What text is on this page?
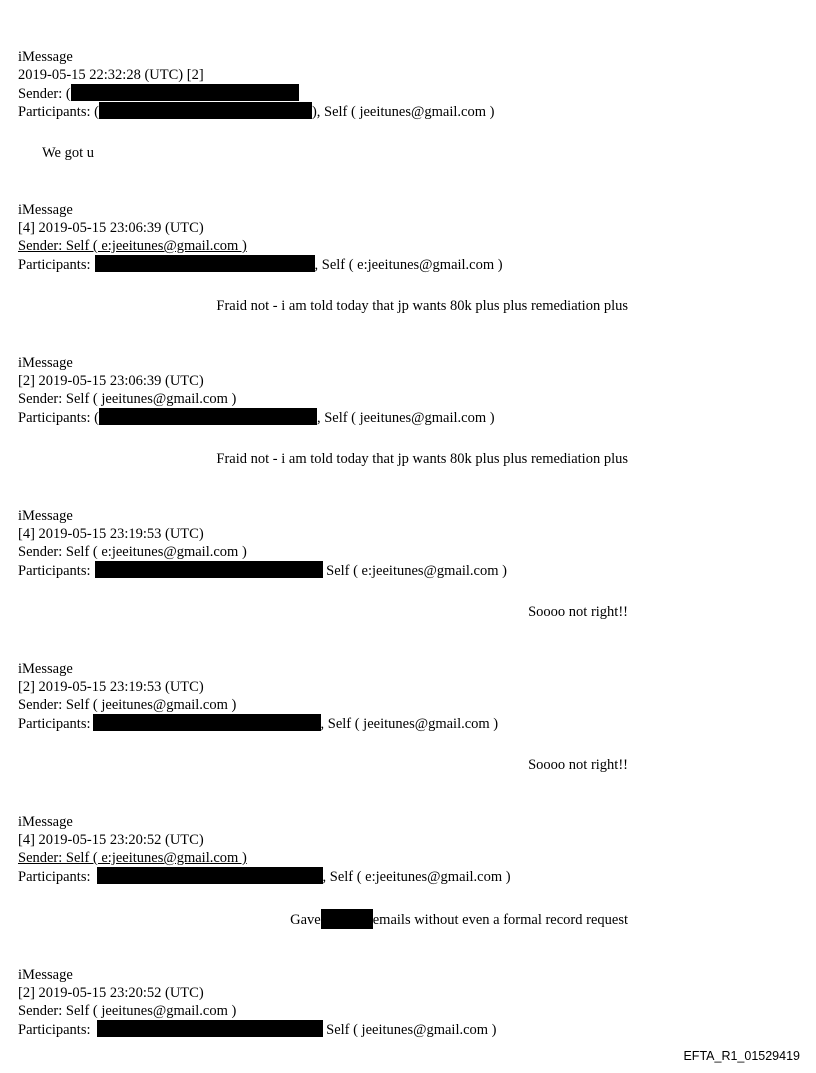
iMessage
2019-05-15 22:32:28 (UTC) [2]
Sender: (
Participants: (	), Self ( jeeitunes@gmail.com )
We got u
iMessage
[4] 2019-05-15 23:06:39 (UTC)
Sender: Self ( e:jeeitunes@gmail.com )
Participants:	, Self ( e:jeeitunes@gmail.com )
Fraid not - i am told today that jp wants 80k plus plus remediation plus
iMessage
[2] 2019-05-15 23:06:39 (UTC)
Sender: Self ( jeeitunes@gmail.com )
Participants: (	, Self ( jeeitunes@gmail.com )
Fraid not - i am told today that jp wants 80k plus plus remediation plus
iMessage
[4] 2019-05-15 23:19:53 (UTC)
Sender: Self ( e:jeeitunes@gmail.com )
Participants:	Self ( e:jeeitunes@gmail.com )
Soooo not right!!
iMessage
[2] 2019-05-15 23:19:53 (UTC)
Sender: Self ( jeeitunes@gmail.com )
Participants:	, Self ( jeeitunes@gmail.com )
Soooo not right!!
iMessage
[4] 2019-05-15 23:20:52 (UTC)
Sender: Self ( e:jeeitunes@gmail.com )
Participants:	, Self ( e:jeeitunes@gmail.com )
Gave	emails without even a formal record request
iMessage
[2] 2019-05-15 23:20:52 (UTC)
Sender: Self ( jeeitunes@gmail.com )
Participants:	Self ( jeeitunes@gmail.com )
EFTA_R1_01529419
